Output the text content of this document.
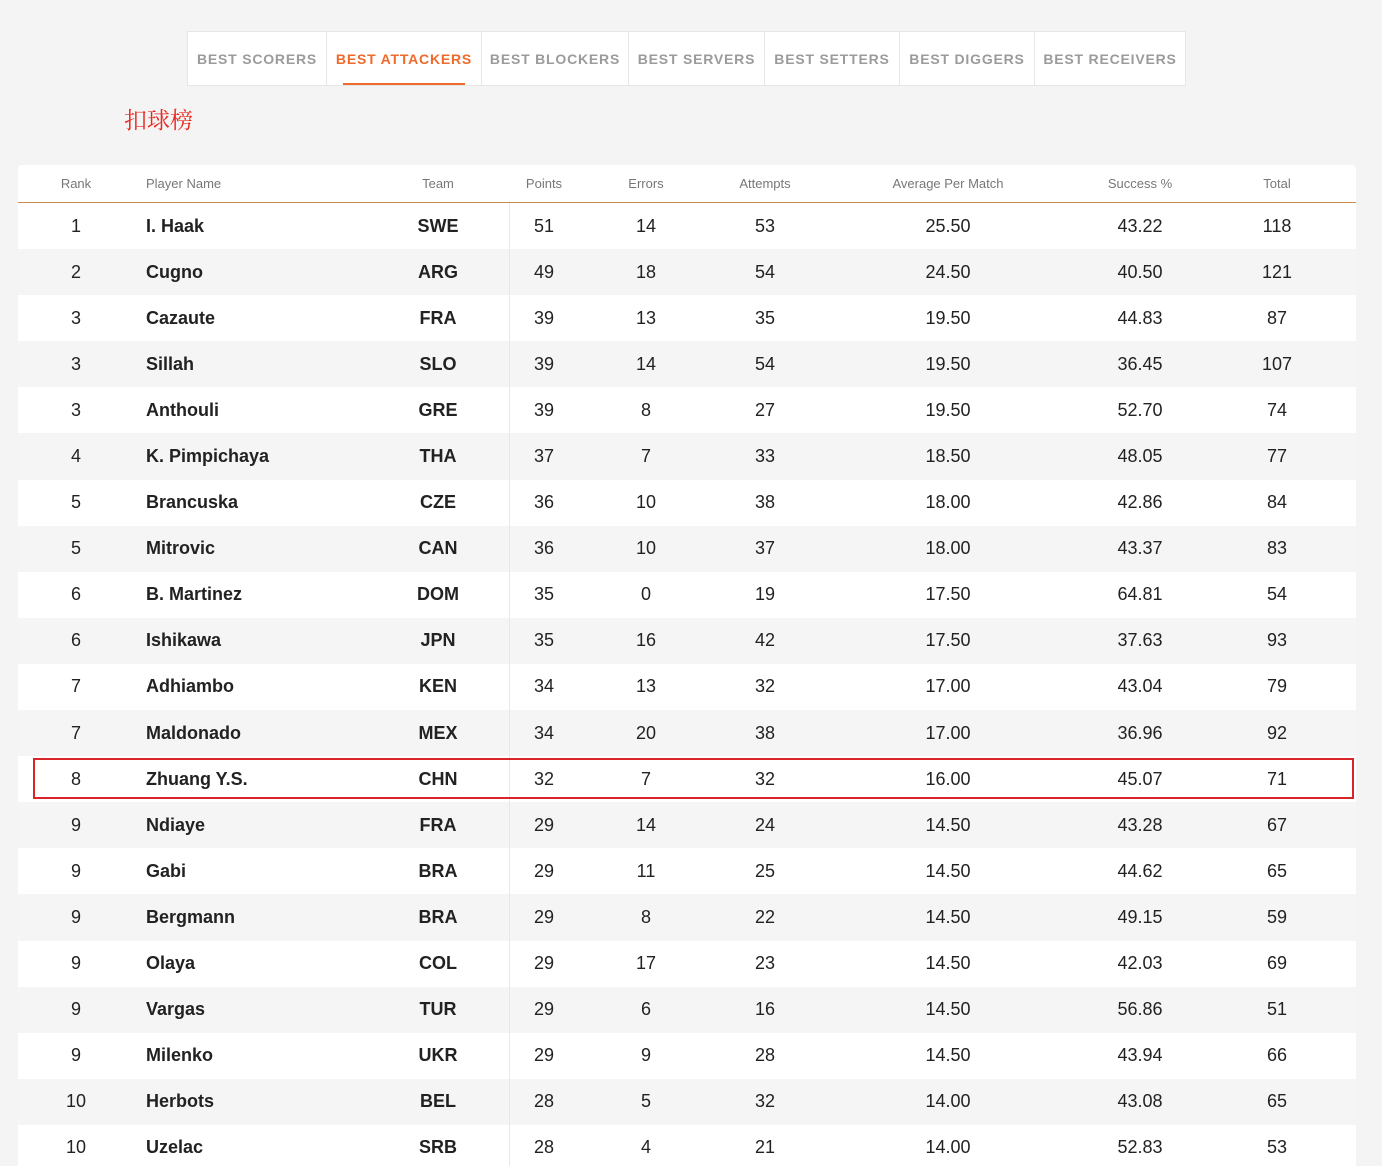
BEST SCORERS	BEST ATTACKERS	BEST BLOCKERS	BEST SERVERS	BEST SETTERS	BEST DIGGERS	BEST RECEIVERS
扣球榜
Rank	Player Name	Team	Points	Errors	Attempts	Average Per Match	Success %	Total
1	I. Haak	SWE	51	14	53	25.50	43.22	118
2	Cugno	ARG	49	18	54	24.50	40.50	121
3	Cazaute	FRA	39	13	35	19.50	44.83	87
3	Sillah	SLO	39	14	54	19.50	36.45	107
3	Anthouli	GRE	39	8	27	19.50	52.70	74
4	K. Pimpichaya	THA	37	7	33	18.50	48.05	77
5	Brancuska	CZE	36	10	38	18.00	42.86	84
5	Mitrovic	CAN	36	10	37	18.00	43.37	83
6	B. Martinez	DOM	35	0	19	17.50	64.81	54
6	Ishikawa	JPN	35	16	42	17.50	37.63	93
7	Adhiambo	KEN	34	13	32	17.00	43.04	79
7	Maldonado	MEX	34	20	38	17.00	36.96	92
8	Zhuang Y.S.	CHN	32	7	32	16.00	45.07	71
9	Ndiaye	FRA	29	14	24	14.50	43.28	67
9	Gabi	BRA	29	11	25	14.50	44.62	65
9	Bergmann	BRA	29	8	22	14.50	49.15	59
9	Olaya	COL	29	17	23	14.50	42.03	69
9	Vargas	TUR	29	6	16	14.50	56.86	51
9	Milenko	UKR	29	9	28	14.50	43.94	66
10	Herbots	BEL	28	5	32	14.00	43.08	65
10	Uzelac	SRB	28	4	21	14.00	52.83	53
